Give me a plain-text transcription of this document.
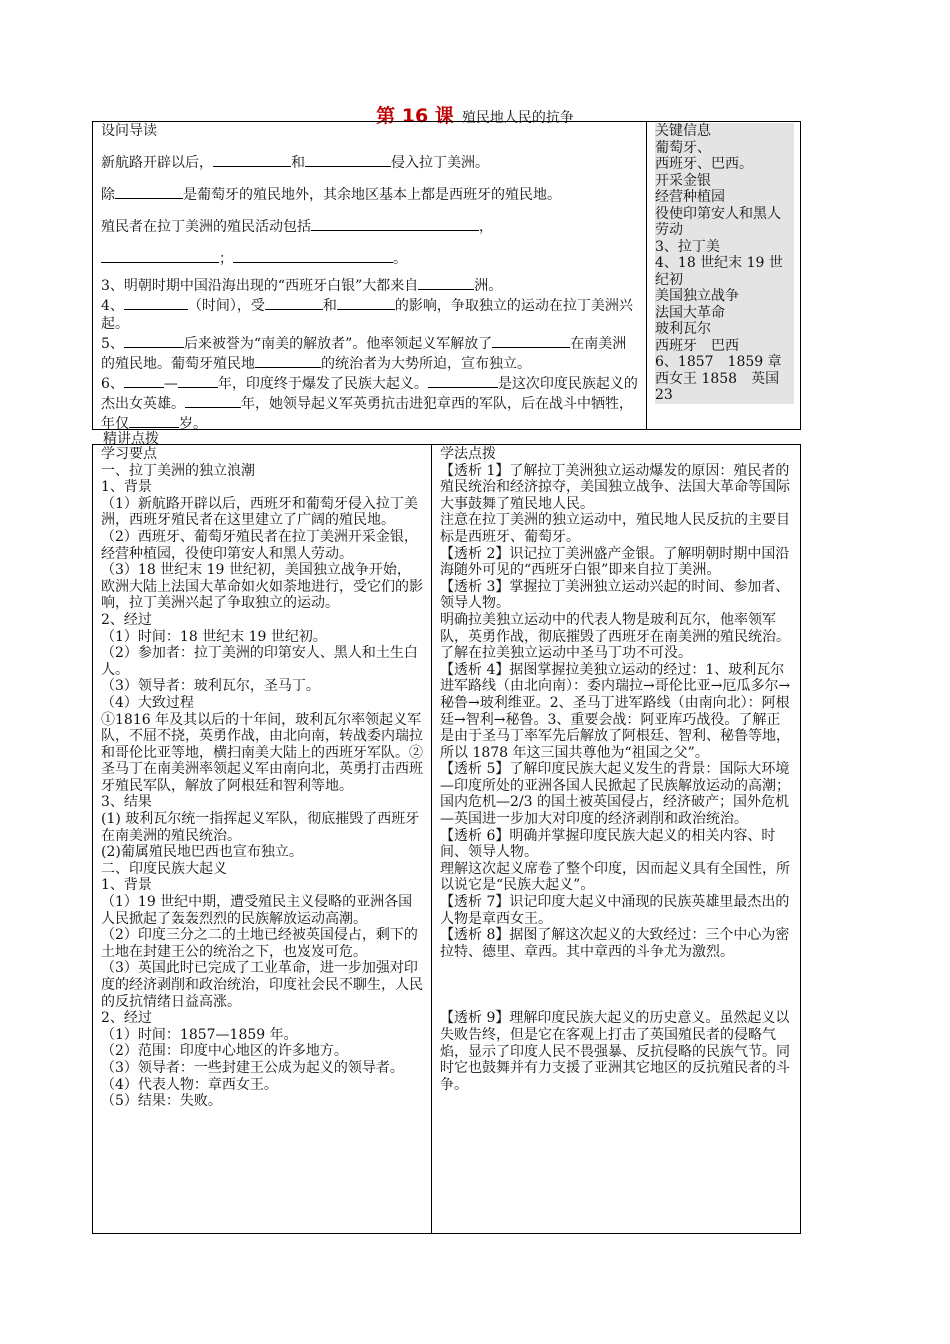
第 16 课 殖民地人民的抗争

设问导读

新航路开辟以后，	和	侵入拉丁美洲。

除	是葡萄牙的殖民地外，其余地区基本上都是西班牙的殖民地。

殖民者在拉丁美洲的殖民活动包括	，

；	。

3、明朝时期中国沿海出现的“西班牙白银”大都来自	洲。

4、	（时间），受	和	的影响，争取独立的运动在拉丁美洲兴起。

5、	后来被誉为“南美的解放者”。他率领起义军解放了	在南美洲的殖民地。葡萄牙殖民地	的统治者为大势所迫，宣布独立。

6、	—	年，印度终于爆发了民族大起义。	是这次印度民族起义的杰出女英雄。	年，她领导起义军英勇抗击进犯章西的军队，后在战斗中牺牲，年仅	岁。

关键信息
葡萄牙、
西班牙、巴西。
开采金银
经营种植园
役使印第安人和黑人劳动
3、拉丁美
4、18 世纪末 19 世纪初
美国独立战争
法国大革命
玻利瓦尔
西班牙　巴西
6、1857　1859 章西女王 1858　英国　23
精讲点拨

学习要点

一、拉丁美洲的独立浪潮

1、背景

（1）新航路开辟以后，西班牙和葡萄牙侵入拉丁美洲，西班牙殖民者在这里建立了广阔的殖民地。

（2）西班牙、葡萄牙殖民者在拉丁美洲开采金银，经营种植园，役使印第安人和黑人劳动。

（3）18 世纪末 19 世纪初，美国独立战争开始，欧洲大陆上法国大革命如火如荼地进行，受它们的影响，拉丁美洲兴起了争取独立的运动。

2、经过

（1）时间：18 世纪末 19 世纪初。

（2）参加者：拉丁美洲的印第安人、黑人和土生白人。

（3）领导者：玻利瓦尔，圣马丁。

（4）大致过程

①1816 年及其以后的十年间，玻利瓦尔率领起义军队，不屈不挠，英勇作战，由北向南，转战委内瑞拉和哥伦比亚等地，横扫南美大陆上的西班牙军队。②圣马丁在南美洲率领起义军由南向北，英勇打击西班牙殖民军队，解放了阿根廷和智利等地。

3、结果

(1) 玻利瓦尔统一指挥起义军队，彻底摧毁了西班牙在南美洲的殖民统治。

(2)葡属殖民地巴西也宣布独立。

二、印度民族大起义

1、背景

（1）19 世纪中期，遭受殖民主义侵略的亚洲各国人民掀起了轰轰烈烈的民族解放运动高潮。

（2）印度三分之二的土地已经被英国侵占，剩下的土地在封建王公的统治之下，也岌岌可危。

（3）英国此时已完成了工业革命，进一步加强对印度的经济剥削和政治统治，印度社会民不聊生，人民的反抗情绪日益高涨。

2、经过

（1）时间：1857—1859 年。

（2）范围：印度中心地区的许多地方。

（3）领导者：一些封建王公成为起义的领导者。

（4）代表人物：章西女王。

（5）结果：失败。

学法点拨

【透析 1】了解拉丁美洲独立运动爆发的原因：殖民者的殖民统治和经济掠夺，美国独立战争、法国大革命等国际大事鼓舞了殖民地人民。

注意在拉丁美洲的独立运动中，殖民地人民反抗的主要目标是西班牙、葡萄牙。

【透析 2】识记拉丁美洲盛产金银。了解明朝时期中国沿海随外可见的“西班牙白银”即来自拉丁美洲。

【透析 3】掌握拉丁美洲独立运动兴起的时间、参加者、领导人物。

明确拉美独立运动中的代表人物是玻利瓦尔，他率领军队，英勇作战，彻底摧毁了西班牙在南美洲的殖民统治。

了解在拉美独立运动中圣马丁功不可没。

【透析 4】据图掌握拉美独立运动的经过：1、玻利瓦尔进军路线（由北向南）：委内瑞拉→哥伦比亚→厄瓜多尔→秘鲁→玻利维亚。2、圣马丁进军路线（由南向北）：阿根廷→智利→秘鲁。3、重要会战：阿亚库巧战役。了解正是由于圣马丁率军先后解放了阿根廷、智利、秘鲁等地，所以 1878 年这三国共尊他为“祖国之父”。

【透析 5】了解印度民族大起义发生的背景：国际大环境—印度所处的亚洲各国人民掀起了民族解放运动的高潮；国内危机—2/3 的国土被英国侵占，经济破产；国外危机—英国进一步加大对印度的经济剥削和政治统治。

【透析 6】明确并掌握印度民族大起义的相关内容、时间、领导人物。

理解这次起义席卷了整个印度，因而起义具有全国性，所以说它是“民族大起义”。

【透析 7】识记印度大起义中涌现的民族英雄里最杰出的人物是章西女王。

【透析 8】据图了解这次起义的大致经过：三个中心为密拉特、德里、章西。其中章西的斗争尤为激烈。

【透析 9】理解印度民族大起义的历史意义。虽然起义以失败告终，但是它在客观上打击了英国殖民者的侵略气焰，显示了印度人民不畏强暴、反抗侵略的民族气节。同时它也鼓舞并有力支援了亚洲其它地区的反抗殖民者的斗争。
